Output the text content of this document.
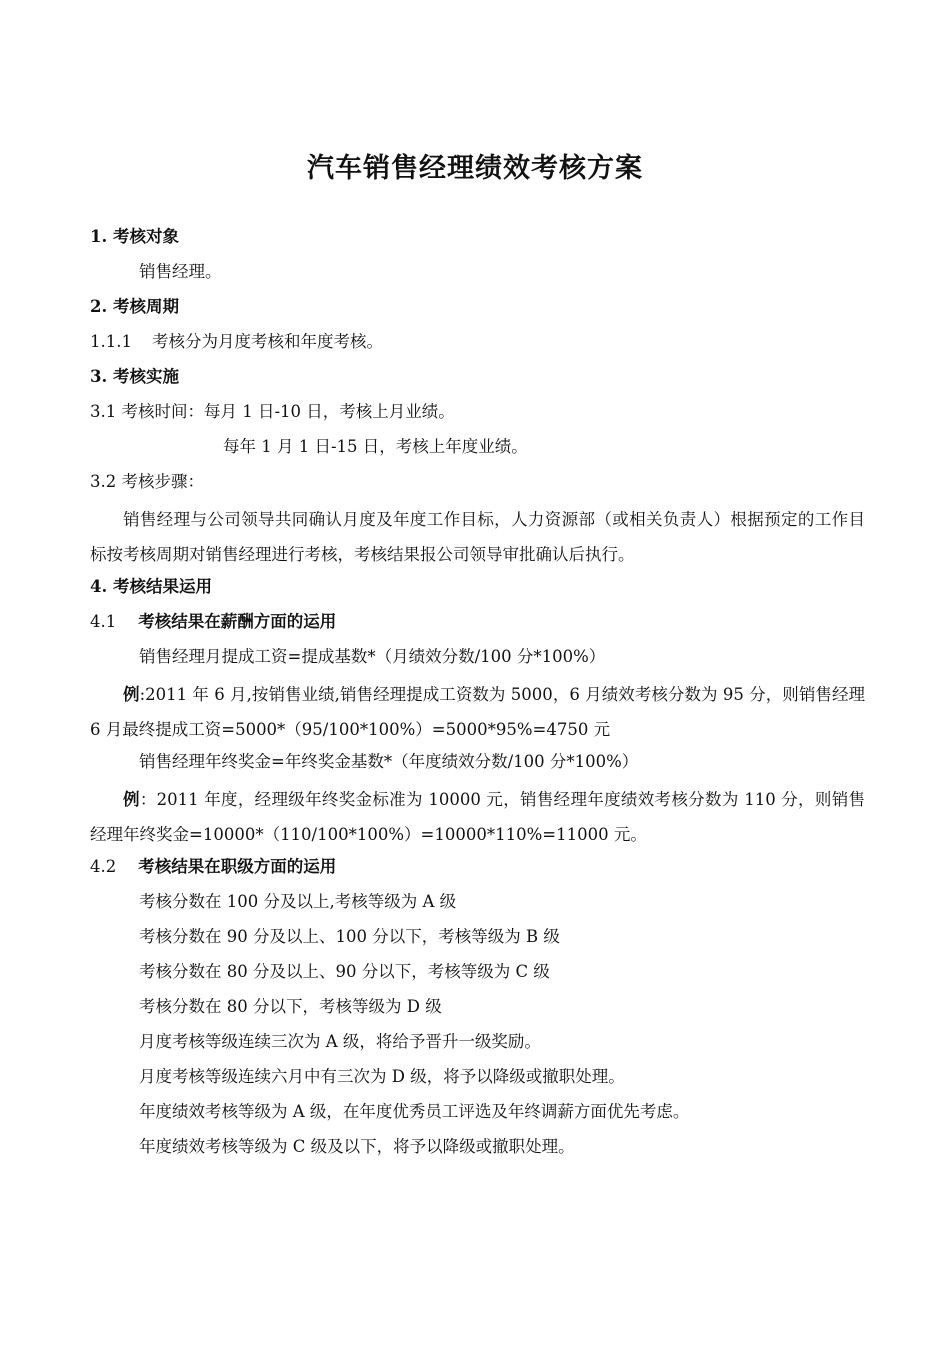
汽车销售经理绩效考核方案
1. 考核对象
销售经理。
2. 考核周期
1.1.1 考核分为月度考核和年度考核。
3. 考核实施
3.1 考核时间：每月 1 日-10 日，考核上月业绩。
每年 1 月 1 日-15 日，考核上年度业绩。
3.2 考核步骤：
销售经理与公司领导共同确认月度及年度工作目标，人力资源部（或相关负责人）根据预定的工作目标按考核周期对销售经理进行考核，考核结果报公司领导审批确认后执行。
4. 考核结果运用
4.1 考核结果在薪酬方面的运用
销售经理月提成工资=提成基数*（月绩效分数/100 分*100%）
例:2011 年 6 月,按销售业绩,销售经理提成工资数为 5000，6 月绩效考核分数为 95 分，则销售经理 6 月最终提成工资=5000*（95/100*100%）=5000*95%=4750 元
销售经理年终奖金=年终奖金基数*（年度绩效分数/100 分*100%）
例：2011 年度，经理级年终奖金标准为 10000 元，销售经理年度绩效考核分数为 110 分，则销售经理年终奖金=10000*（110/100*100%）=10000*110%=11000 元。
4.2 考核结果在职级方面的运用
考核分数在 100 分及以上,考核等级为 A 级
考核分数在 90 分及以上、100 分以下，考核等级为 B 级
考核分数在 80 分及以上、90 分以下，考核等级为 C 级
考核分数在 80 分以下，考核等级为 D 级
月度考核等级连续三次为 A 级，将给予晋升一级奖励。
月度考核等级连续六月中有三次为 D 级，将予以降级或撤职处理。
年度绩效考核等级为 A 级，在年度优秀员工评选及年终调薪方面优先考虑。
年度绩效考核等级为 C 级及以下，将予以降级或撤职处理。
